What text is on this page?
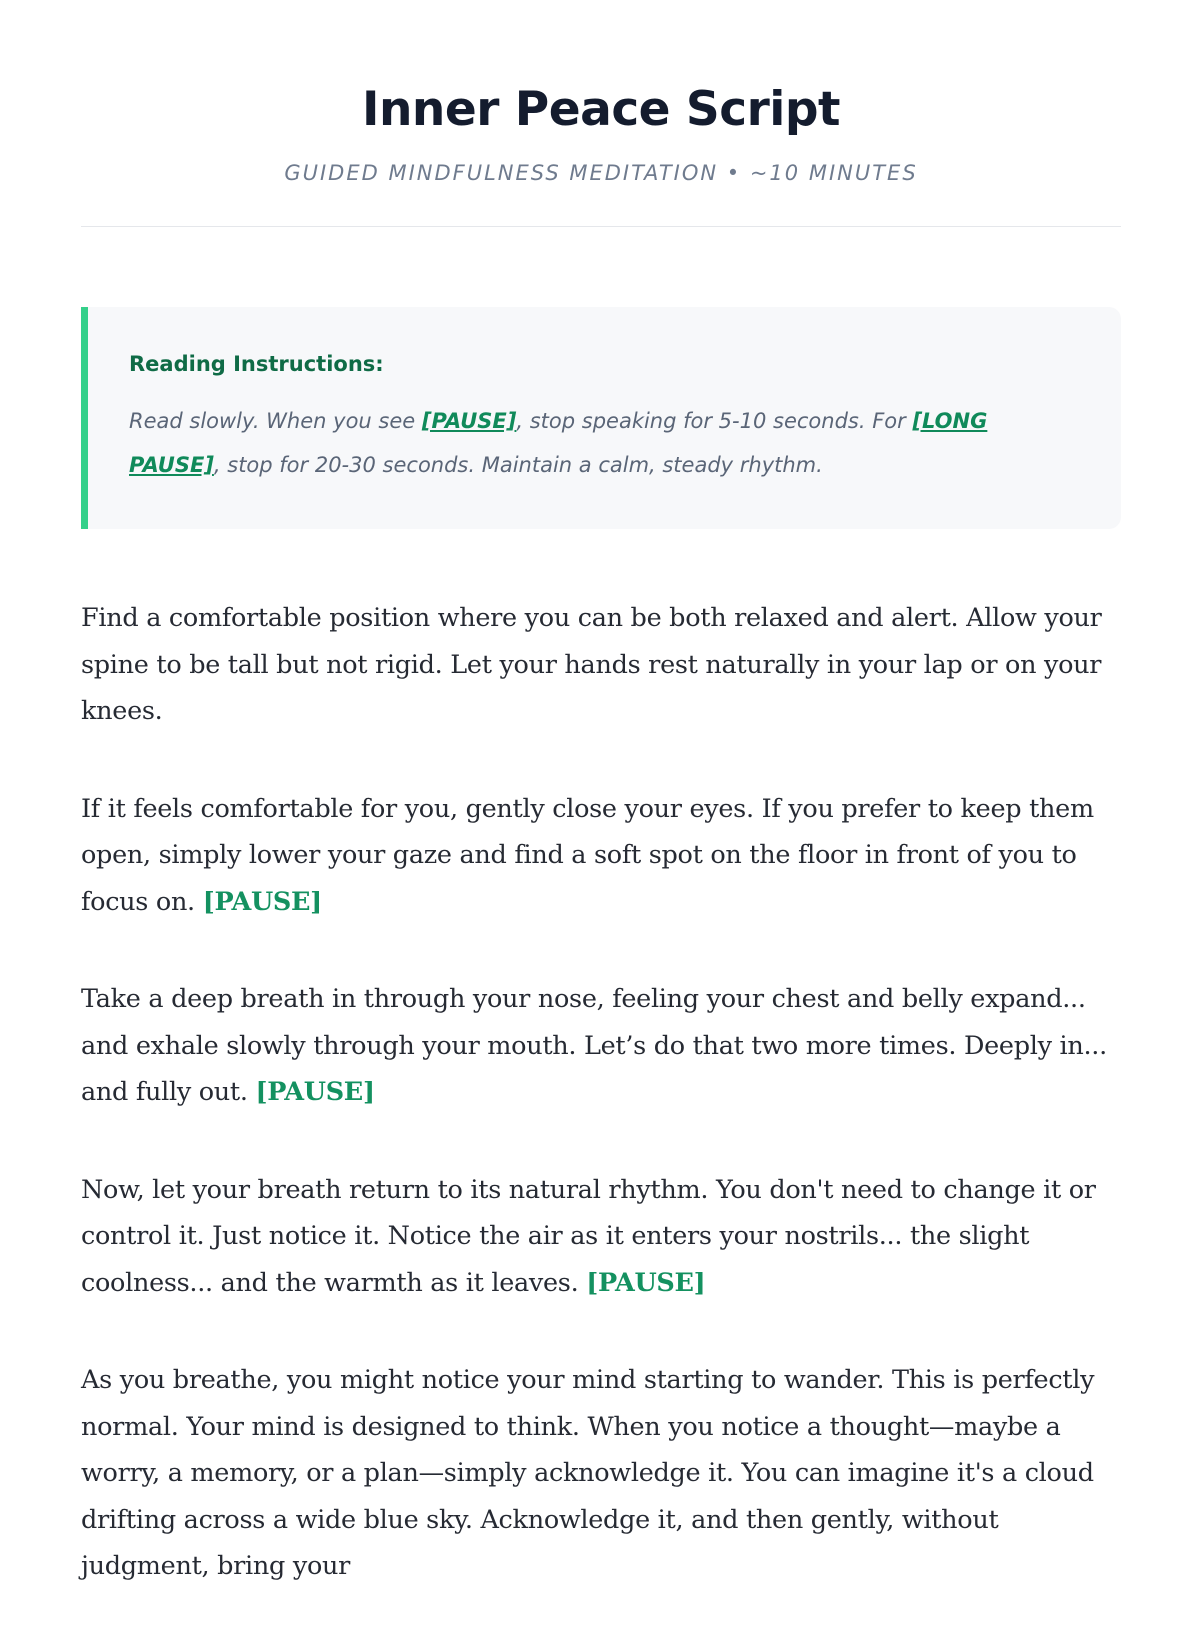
Inner Peace Script
GUIDED MINDFULNESS MEDITATION • ~10 MINUTES
Reading Instructions:
Read slowly. When you see [PAUSE], stop speaking for 5-10 seconds. For [LONG PAUSE], stop for 20-30 seconds. Maintain a calm, steady rhythm.

Find a comfortable position where you can be both relaxed and alert. Allow your spine to be tall but not rigid. Let your hands rest naturally in your lap or on your knees.

If it feels comfortable for you, gently close your eyes. If you prefer to keep them open, simply lower your gaze and find a soft spot on the floor in front of you to focus on. [PAUSE]

Take a deep breath in through your nose, feeling your chest and belly expand... and exhale slowly through your mouth. Let’s do that two more times. Deeply in... and fully out. [PAUSE]

Now, let your breath return to its natural rhythm. You don't need to change it or control it. Just notice it. Notice the air as it enters your nostrils... the slight coolness... and the warmth as it leaves. [PAUSE]

As you breathe, you might notice your mind starting to wander. This is perfectly normal. Your mind is designed to think. When you notice a thought—maybe a worry, a memory, or a plan—simply acknowledge it. You can imagine it's a cloud drifting across a wide blue sky. Acknowledge it, and then gently, without judgment, bring your
